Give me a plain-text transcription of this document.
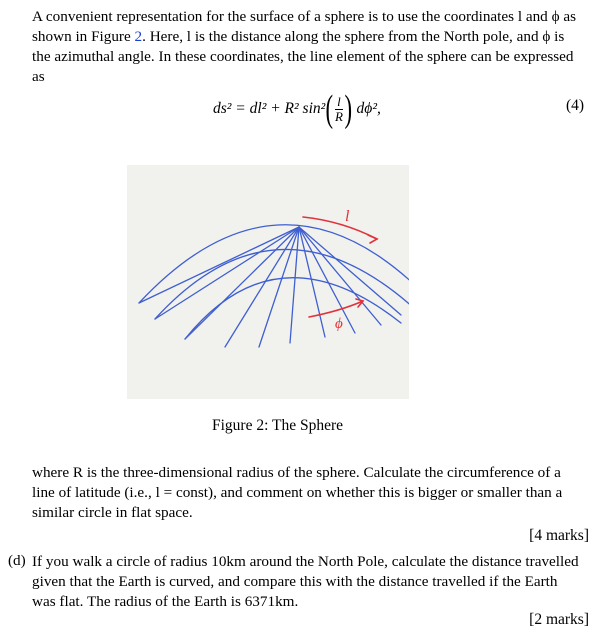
A convenient representation for the surface of a sphere is to use the coordinates l and ϕ as
shown in Figure 2. Here, l is the distance along the sphere from the North pole, and ϕ is
the azimuthal angle. In these coordinates, the line element of the sphere can be expressed
as
ds² = dl² + R² sin² ( $\frac{l}{R}$ ) dϕ²,	(4)
l
ϕ
Figure 2: The Sphere
where R is the three-dimensional radius of the sphere. Calculate the circumference of a
line of latitude (i.e., l = const), and comment on whether this is bigger or smaller than a
similar circle in flat space.
[4 marks]
(d) If you walk a circle of radius 10km around the North Pole, calculate the distance travelled
given that the Earth is curved, and compare this with the distance travelled if the Earth
was flat. The radius of the Earth is 6371km.
[2 marks]
